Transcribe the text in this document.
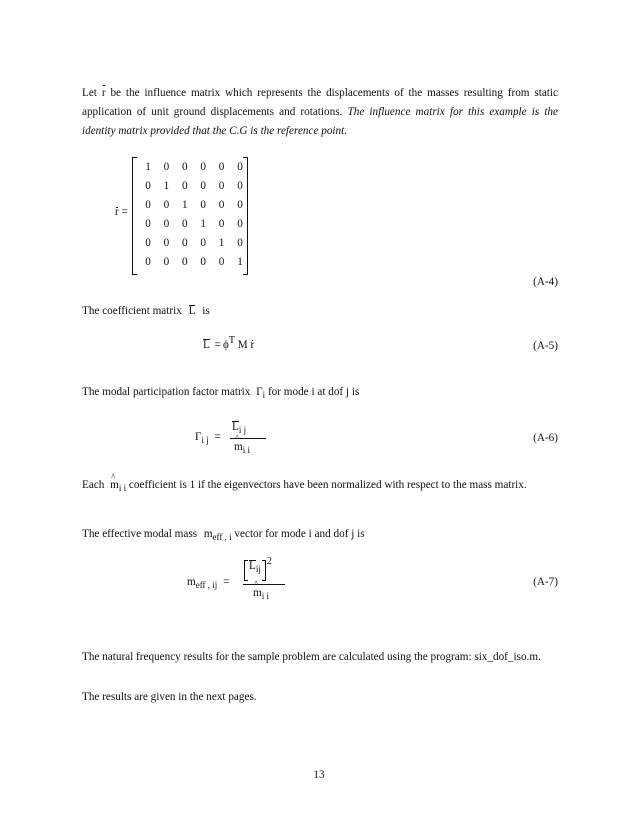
Let r be the influence matrix which represents the displacements of the masses resulting from static application of unit ground displacements and rotations. The influence matrix for this example is the identity matrix provided that the C.G is the reference point.
r =
1	0	0	0	0	0
0	1	0	0	0	0
0	0	1	0	0	0
0	0	0	1	0	0
0	0	0	0	1	0
0	0	0	0	0	1
(A-4)
The coefficient matrix L is
L = ϕT M r	(A-5)
The modal participation factor matrix $\Gamma_i$ for mode i at dof j is
$\Gamma_{i j}$ =
$L_{i j}$
m $\^{}_{i i}$
(A-6)
Each m $\^{}_{i i}$ coefficient is 1 if the eigenvectors have been normalized with respect to the mass matrix.
The effective modal mass $m_{eff , i}$ vector for mode i and dof j is
$m_{eff , ij}$ =
$L_{ij}2$
m $\^{}_{i i}$
(A-7)
The natural frequency results for the sample problem are calculated using the program: six_dof_iso.m.
The results are given in the next pages.
13
